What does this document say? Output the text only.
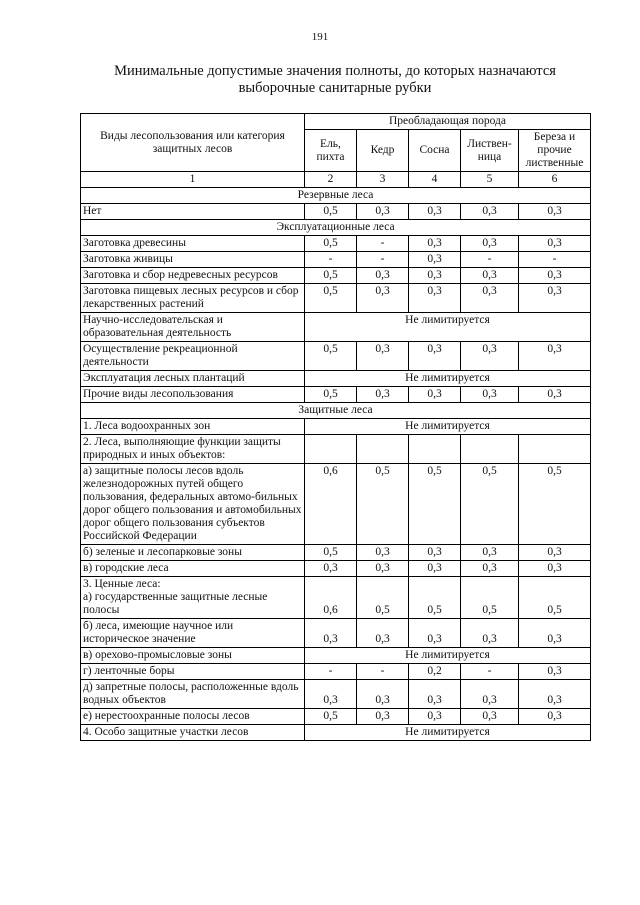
191
Минимальные допустимые значения полноты, до которых назначаются
выборочные санитарные рубки
Виды лесопользования или категория защитных лесов	Преобладающая порода				
	Ель, пихта	Кедр	Сосна	Листвен-ница	Береза и прочие лиственные
1	2	3	4	5	6
Резервные леса					
Нет	0,5	0,3	0,3	0,3	0,3
Эксплуатационные леса					
Заготовка древесины	0,5	-	0,3	0,3	0,3
Заготовка живицы	-	-	0,3	-	-
Заготовка и сбор недревесных ресурсов	0,5	0,3	0,3	0,3	0,3
Заготовка пищевых лесных ресурсов и сбор лекарственных растений	0,5	0,3	0,3	0,3	0,3
Научно-исследовательская и образовательная деятельность	Не лимитируется				
Осуществление рекреационной деятельности	0,5	0,3	0,3	0,3	0,3
Эксплуатация лесных плантаций	Не лимитируется				
Прочие виды лесопользования	0,5	0,3	0,3	0,3	0,3
Защитные леса					
1. Леса водоохранных зон	Не лимитируется				
2. Леса, выполняющие функции защиты природных и иных объектов:					
а) защитные полосы лесов вдоль железнодорожных путей общего пользования, федеральных автомо-бильных дорог общего пользования и автомобильных дорог общего пользования субъектов Российской Федерации	0,6	0,5	0,5	0,5	0,5
б) зеленые и лесопарковые зоны	0,5	0,3	0,3	0,3	0,3
в) городские леса	0,3	0,3	0,3	0,3	0,3
3. Ценные леса:
а) государственные защитные лесные полосы	0,6	0,5	0,5	0,5	0,5
б) леса, имеющие научное или историческое значение	0,3	0,3	0,3	0,3	0,3
в) орехово-промысловые зоны	Не лимитируется				
г) ленточные боры	-	-	0,2	-	0,3
д) запретные полосы, расположенные вдоль водных объектов	0,3	0,3	0,3	0,3	0,3
е) нерестоохранные полосы лесов	0,5	0,3	0,3	0,3	0,3
4. Особо защитные участки лесов	Не лимитируется				
